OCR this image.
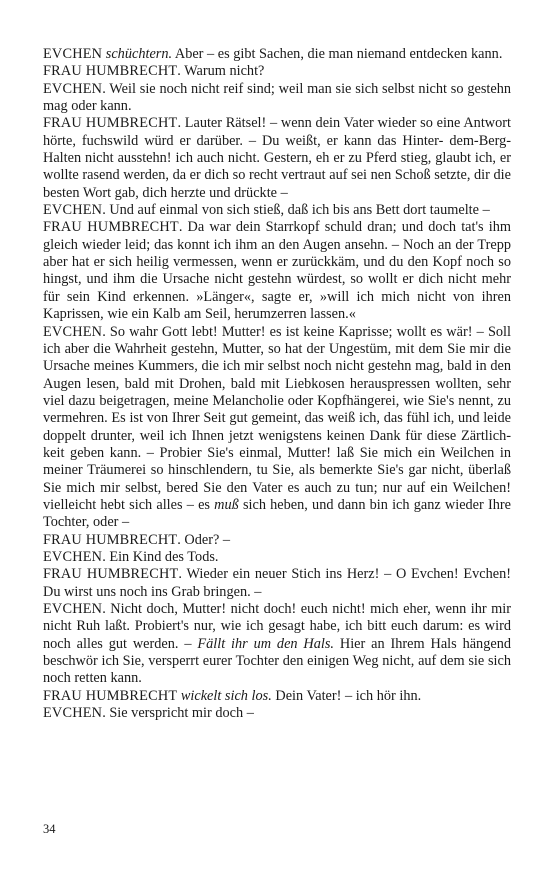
EVCHEN schüchtern. Aber – es gibt Sachen, die man niemand entdecken kann.

FRAU HUMBRECHT. Warum nicht?

EVCHEN. Weil sie noch nicht reif sind; weil man sie sich selbst nicht so gestehn mag oder kann.

FRAU HUMBRECHT. Lauter Rätsel! – wenn dein Vater wieder so eine Antwort hörte, fuchswild würd er darüber. – Du weißt, er kann das Hinter- dem-Berg-Halten nicht ausstehn! ich auch nicht. Gestern, eh er zu Pferd stieg, glaubt ich, er wollte rasend werden, da er dich so recht vertraut auf sei nen Schoß setzte, dir die besten Wort gab, dich herzte und drückte –

EVCHEN. Und auf einmal von sich stieß, daß ich bis ans Bett dort taumelte –

FRAU HUMBRECHT. Da war dein Starrkopf schuld dran; und doch tat's ihm gleich wieder leid; das konnt ich ihm an den Augen ansehn. – Noch an der Trepp aber hat er sich heilig vermessen, wenn er zurückkäm, und du den Kopf noch so hingst, und ihm die Ursache nicht gestehn würdest, so wollt er dich nicht mehr für sein Kind erkennen. »Länger«, sagte er, »will ich mich nicht von ihren Kaprissen, wie ein Kalb am Seil, herumzerren lassen.«

EVCHEN. So wahr Gott lebt! Mutter! es ist keine Kaprisse; wollt es wär! – Soll ich aber die Wahrheit gestehn, Mutter, so hat der Ungestüm, mit dem Sie mir die Ursache meines Kummers, die ich mir selbst noch nicht gestehn mag, bald in den Augen lesen, bald mit Drohen, bald mit Liebkosen herauspressen wollten, sehr viel dazu beigetragen, meine Melancholie oder Kopfhängerei, wie Sie's nennt, zu vermehren. Es ist von Ihrer Seit gut gemeint, das weiß ich, das fühl ich, und leide doppelt drunter, weil ich Ihnen jetzt wenigstens keinen Dank für diese Zärtlichkeit geben kann. – Probier Sie's einmal, Mutter! laß Sie mich ein Weilchen in meiner Träumerei so hinschlendern, tu Sie, als bemerkte Sie's gar nicht, überlaß Sie mich mir selbst, bered Sie den Vater es auch zu tun; nur auf ein Weilchen! vielleicht hebt sich alles – es muß sich heben, und dann bin ich ganz wieder Ihre Tochter, oder –

FRAU HUMBRECHT. Oder? –

EVCHEN. Ein Kind des Tods.

FRAU HUMBRECHT. Wieder ein neuer Stich ins Herz! – O Evchen! Evchen! Du wirst uns noch ins Grab bringen. –

EVCHEN. Nicht doch, Mutter! nicht doch! euch nicht! mich eher, wenn ihr mir nicht Ruh laßt. Probiert's nur, wie ich gesagt habe, ich bitt euch darum: es wird noch alles gut werden. – Fällt ihr um den Hals. Hier an Ihrem Hals hängend beschwör ich Sie, versperrt eurer Tochter den einigen Weg nicht, auf dem sie sich noch retten kann.

FRAU HUMBRECHT wickelt sich los. Dein Vater! – ich hör ihn.

EVCHEN. Sie verspricht mir doch –

34
